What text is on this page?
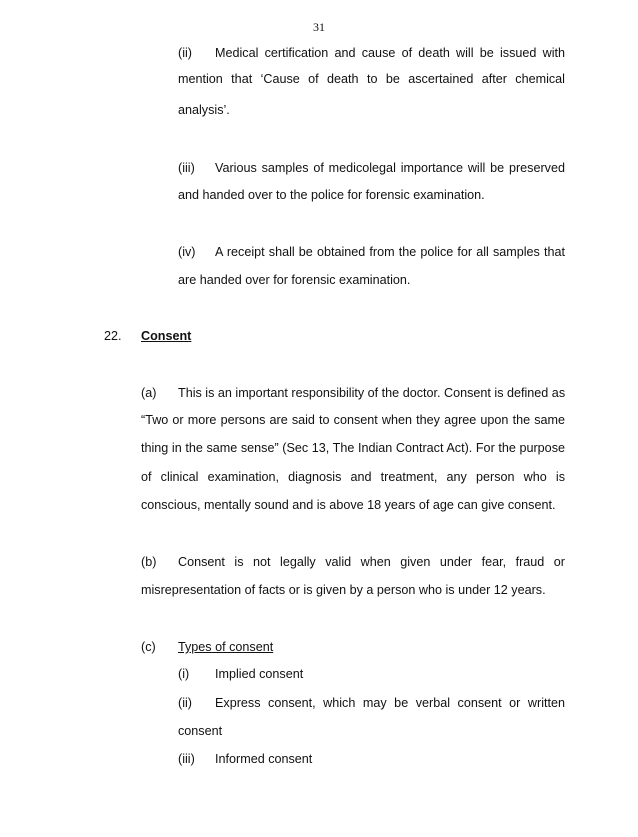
31
(ii) Medical certification and cause of death will be issued with
mention that ‘Cause of death to be ascertained after chemical
analysis’.
(iii) Various samples of medicolegal importance will be preserved
and handed over to the police for forensic examination.
(iv) A receipt shall be obtained from the police for all samples that
are handed over for forensic examination.
22. Consent
(a) This is an important responsibility of the doctor. Consent is defined as
“Two or more persons are said to consent when they agree upon the same
thing in the same sense” (Sec 13, The Indian Contract Act). For the purpose
of clinical examination, diagnosis and treatment, any person who is
conscious, mentally sound and is above 18 years of age can give consent.
(b) Consent is not legally valid when given under fear, fraud or
misrepresentation of facts or is given by a person who is under 12 years.
(c) Types of consent
(i) Implied consent
(ii) Express consent, which may be verbal consent or written
consent
(iii) Informed consent
